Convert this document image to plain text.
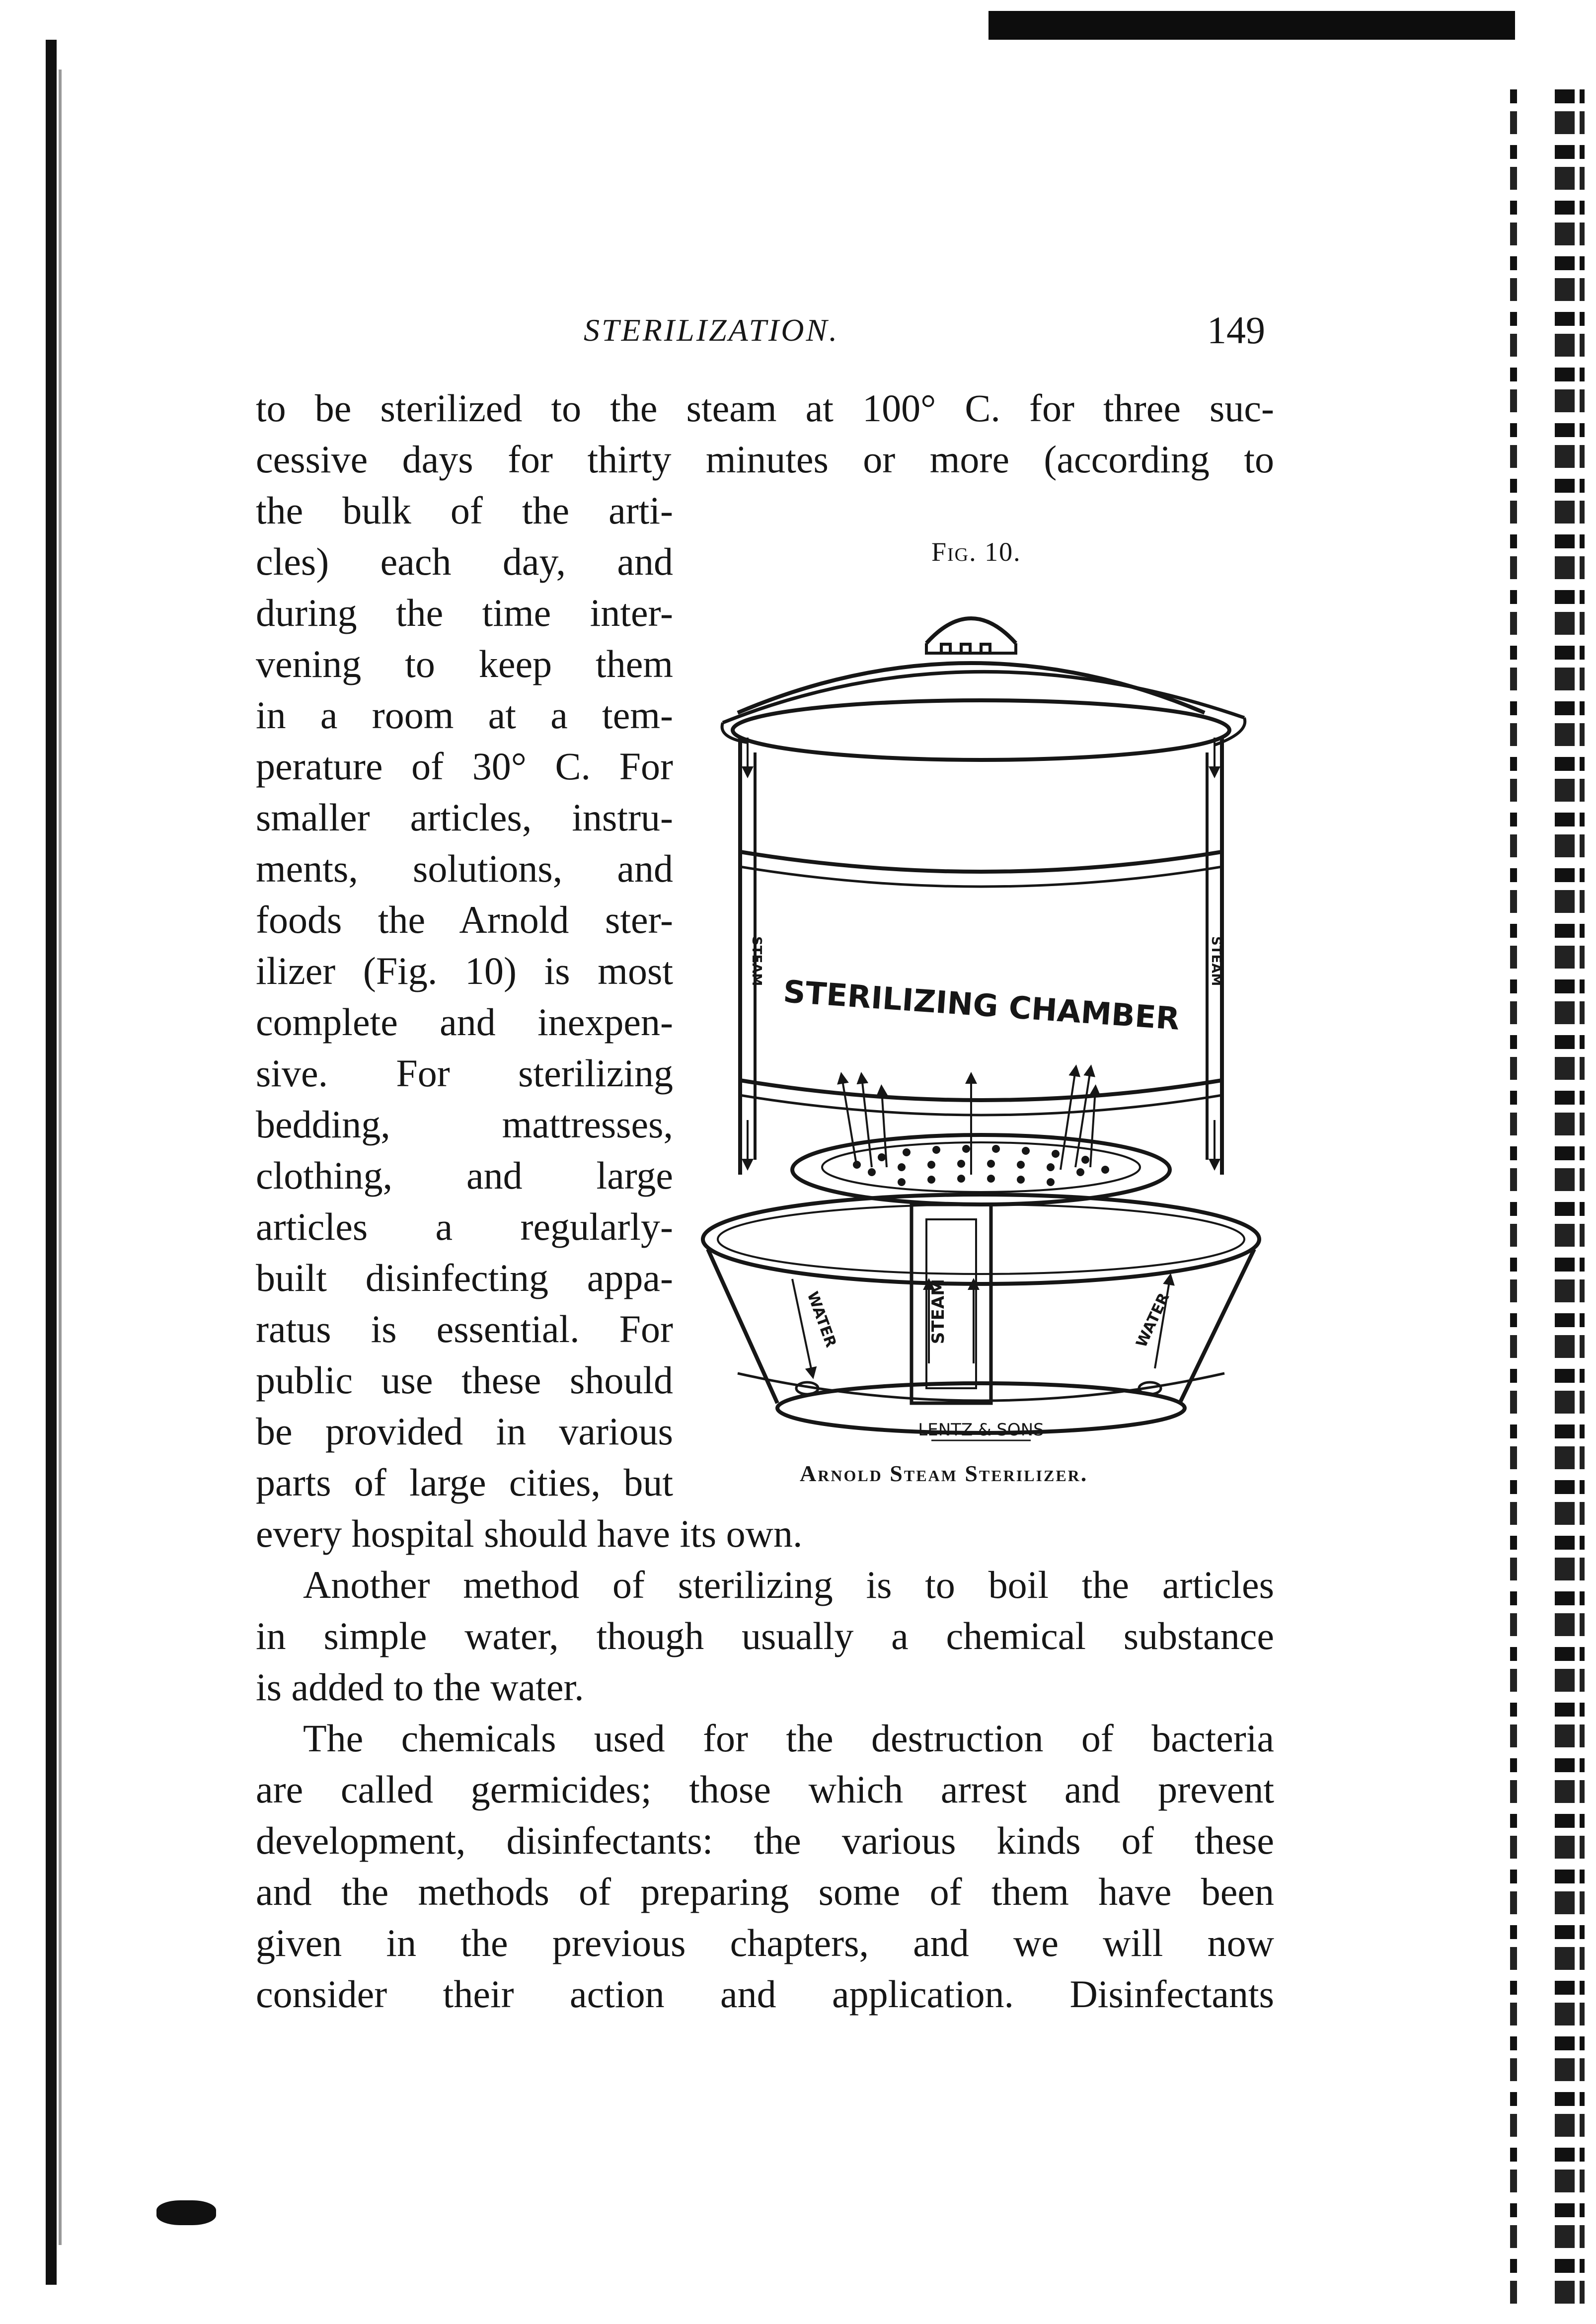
STERILIZATION.	149
to be sterilized to the steam at 100° C. for three suc-
cessive days for thirty minutes or more (according to
the bulk of the arti-
cles) each day, and
during the time inter-
vening to keep them
in a room at a tem-
perature of 30° C. For
smaller articles, instru-
ments, solutions, and
foods the Arnold ster-
ilizer (Fig. 10) is most
complete and inexpen-
sive. For sterilizing
bedding, mattresses,
clothing, and large
articles a regularly-
built disinfecting appa-
ratus is essential. For
public use these should
be provided in various
parts of large cities, but
every hospital should have its own.
Another method of sterilizing is to boil the articles
in simple water, though usually a chemical substance
is added to the water.
The chemicals used for the destruction of bacteria
are called germicides; those which arrest and prevent
development, disinfectants: the various kinds of these
and the methods of preparing some of them have been
given in the previous chapters, and we will now
consider their action and application. Disinfectants
Fig. 10.
STERILIZING CHAMBER
STEAM	STEAM
STEAM
WATER	WATER
LENTZ & SONS
Arnold Steam Sterilizer.
